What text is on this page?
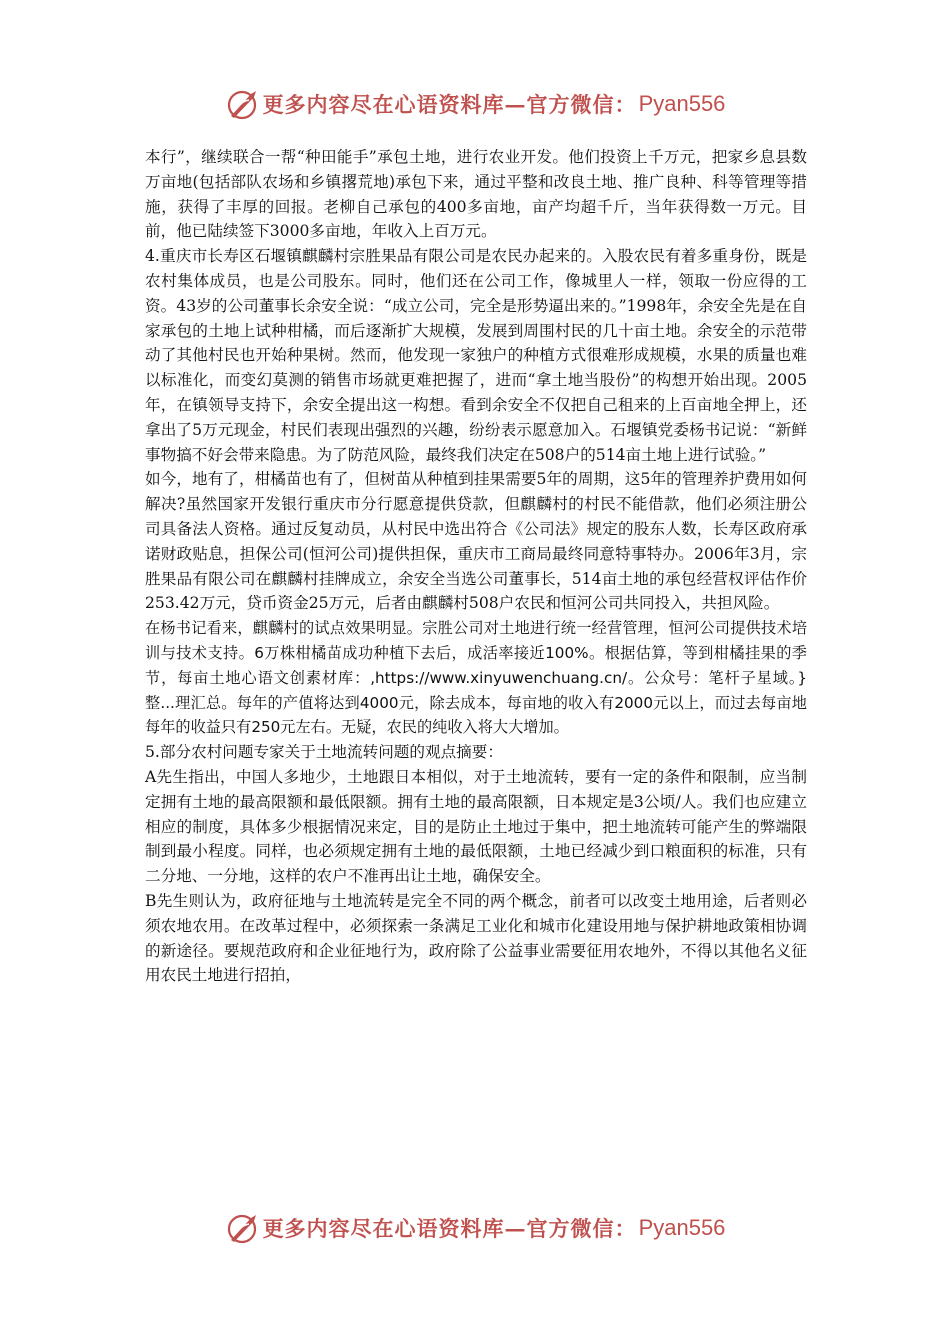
更多内容尽在心语资料库—官方微信： Pyan556

本行”，继续联合一帮“种田能手”承包土地，进行农业开发。他们投资上千万元，把家乡息县数万亩地(包括部队农场和乡镇撂荒地)承包下来，通过平整和改良土地、推广良种、科等管理等措施，获得了丰厚的回报。老柳自己承包的400多亩地，亩产均超千斤，当年获得数一万元。目前，他已陆续签下3000多亩地，年收入上百万元。

4.重庆市长寿区石堰镇麒麟村宗胜果品有限公司是农民办起来的。入股农民有着多重身份，既是农村集体成员，也是公司股东。同时，他们还在公司工作，像城里人一样，领取一份应得的工资。43岁的公司董事长余安全说：“成立公司，完全是形势逼出来的。”1998年，余安全先是在自家承包的土地上试种柑橘，而后逐渐扩大规模，发展到周围村民的几十亩土地。余安全的示范带动了其他村民也开始种果树。然而，他发现一家独户的种植方式很难形成规模，水果的质量也难以标准化，而变幻莫测的销售市场就更难把握了，进而“拿土地当股份”的构想开始出现。2005年，在镇领导支持下，余安全提出这一构想。看到余安全不仅把自己租来的上百亩地全押上，还拿出了5万元现金，村民们表现出强烈的兴趣，纷纷表示愿意加入。石堰镇党委杨书记说：“新鲜事物搞不好会带来隐患。为了防范风险，最终我们决定在508户的514亩土地上进行试验。”

如今，地有了，柑橘苗也有了，但树苗从种植到挂果需要5年的周期，这5年的管理养护费用如何解决?虽然国家开发银行重庆市分行愿意提供贷款，但麒麟村的村民不能借款，他们必须注册公司具备法人资格。通过反复动员，从村民中选出符合《公司法》规定的股东人数，长寿区政府承诺财政贴息，担保公司(恒河公司)提供担保，重庆市工商局最终同意特事特办。2006年3月，宗胜果品有限公司在麒麟村挂牌成立，余安全当选公司董事长，514亩土地的承包经营权评估作价253.42万元，贷币资金25万元，后者由麒麟村508户农民和恒河公司共同投入，共担风险。

在杨书记看来，麒麟村的试点效果明显。宗胜公司对土地进行统一经营管理，恒河公司提供技术培训与技术支持。6万株柑橘苗成功种植下去后，成活率接近100%。根据估算，等到柑橘挂果的季节，每亩土地心语文创素材库：,https://www.xinyuwenchuang.cn/。公众号：笔杆子星域。}整...理汇总。每年的产值将达到4000元，除去成本，每亩地的收入有2000元以上，而过去每亩地每年的收益只有250元左右。无疑，农民的纯收入将大大增加。

5.部分农村问题专家关于土地流转问题的观点摘要：

A先生指出，中国人多地少，土地跟日本相似，对于土地流转，要有一定的条件和限制，应当制定拥有土地的最高限额和最低限额。拥有土地的最高限额，日本规定是3公顷/人。我们也应建立相应的制度，具体多少根据情况来定，目的是防止土地过于集中，把土地流转可能产生的弊端限制到最小程度。同样，也必须规定拥有土地的最低限额，土地已经减少到口粮面积的标准，只有二分地、一分地，这样的农户不准再出让土地，确保安全。

B先生则认为，政府征地与土地流转是完全不同的两个概念，前者可以改变土地用途，后者则必须农地农用。在改革过程中，必须探索一条满足工业化和城市化建设用地与保护耕地政策相协调的新途径。要规范政府和企业征地行为，政府除了公益事业需要征用农地外，不得以其他名义征用农民土地进行招拍，

更多内容尽在心语资料库—官方微信： Pyan556
